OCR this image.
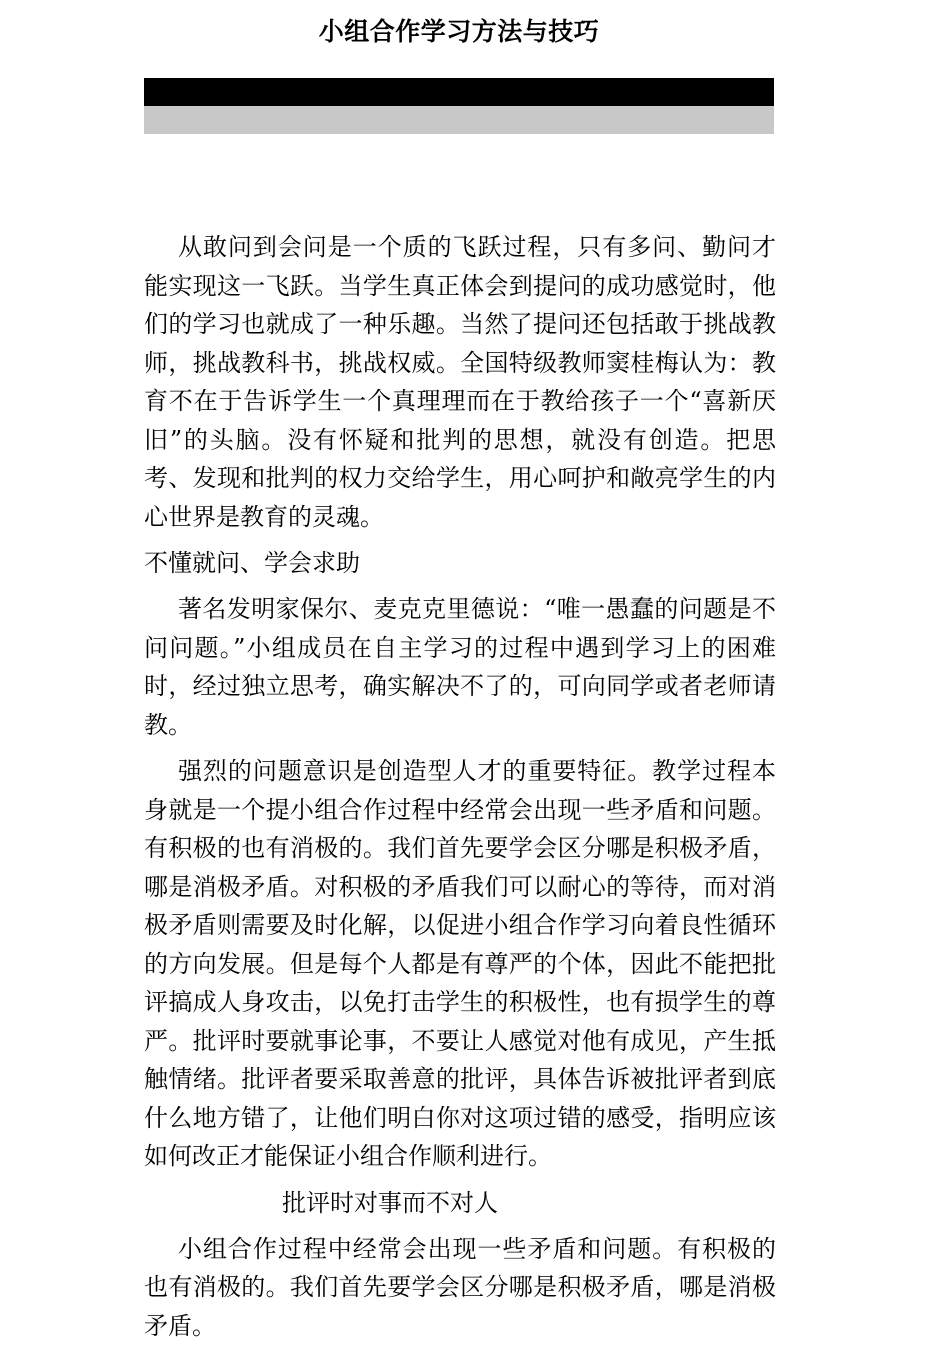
小组合作学习方法与技巧

从敢问到会问是一个质的飞跃过程，只有多问、勤问才能实现这一飞跃。当学生真正体会到提问的成功感觉时，他们的学习也就成了一种乐趣。当然了提问还包括敢于挑战教师，挑战教科书，挑战权威。全国特级教师窦桂梅认为：教育不在于告诉学生一个真理理而在于教给孩子一个“喜新厌旧”的头脑。没有怀疑和批判的思想，就没有创造。把思考、发现和批判的权力交给学生，用心呵护和敞亮学生的内心世界是教育的灵魂。

不懂就问、学会求助

著名发明家保尔、麦克克里德说：“唯一愚蠢的问题是不问问题。”小组成员在自主学习的过程中遇到学习上的困难时，经过独立思考，确实解决不了的，可向同学或者老师请教。

强烈的问题意识是创造型人才的重要特征。教学过程本身就是一个提小组合作过程中经常会出现一些矛盾和问题。有积极的也有消极的。我们首先要学会区分哪是积极矛盾，哪是消极矛盾。对积极的矛盾我们可以耐心的等待，而对消极矛盾则需要及时化解，以促进小组合作学习向着良性循环的方向发展。但是每个人都是有尊严的个体，因此不能把批评搞成人身攻击，以免打击学生的积极性，也有损学生的尊严。批评时要就事论事，不要让人感觉对他有成见，产生抵触情绪。批评者要采取善意的批评，具体告诉被批评者到底什么地方错了，让他们明白你对这项过错的感受，指明应该如何改正才能保证小组合作顺利进行。

批评时对事而不对人

小组合作过程中经常会出现一些矛盾和问题。有积极的也有消极的。我们首先要学会区分哪是积极矛盾，哪是消极矛盾。
